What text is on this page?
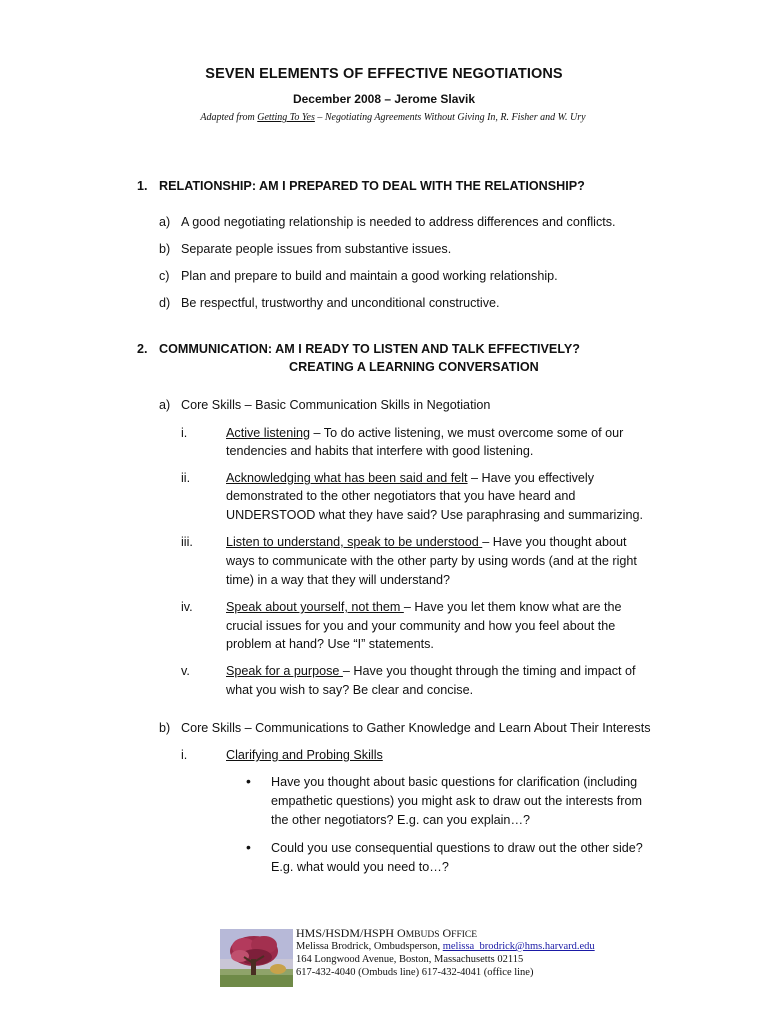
SEVEN ELEMENTS OF EFFECTIVE NEGOTIATIONS
December 2008 – Jerome Slavik
Adapted from Getting To Yes – Negotiating Agreements Without Giving In, R. Fisher and W. Ury
1. RELATIONSHIP: AM I PREPARED TO DEAL WITH THE RELATIONSHIP?
a) A good negotiating relationship is needed to address differences and conflicts.
b) Separate people issues from substantive issues.
c) Plan and prepare to build and maintain a good working relationship.
d) Be respectful, trustworthy and unconditional constructive.
2. COMMUNICATION: AM I READY TO LISTEN AND TALK EFFECTIVELY?
CREATING A LEARNING CONVERSATION
a) Core Skills – Basic Communication Skills in Negotiation
i.	Active listening – To do active listening, we must overcome some of our
tendencies and habits that interfere with good listening.
ii.	Acknowledging what has been said and felt – Have you effectively
demonstrated to the other negotiators that you have heard and
UNDERSTOOD what they have said? Use paraphrasing and summarizing.
iii.	Listen to understand, speak to be understood – Have you thought about
ways to communicate with the other party by using words (and at the right
time) in a way that they will understand?
iv.	Speak about yourself, not them – Have you let them know what are the
crucial issues for you and your community and how you feel about the
problem at hand? Use “I” statements.
v.	Speak for a purpose – Have you thought through the timing and impact of
what you wish to say? Be clear and concise.
b) Core Skills – Communications to Gather Knowledge and Learn About Their Interests
i.	Clarifying and Probing Skills
• Have you thought about basic questions for clarification (including
empathetic questions) you might ask to draw out the interests from
the other negotiators? E.g. can you explain…?
• Could you use consequential questions to draw out the other side?
E.g. what would you need to…?
HMS/HSDM/HSPH OMBUDS OFFICE
Melissa Brodrick, Ombudsperson, melissa_brodrick@hms.harvard.edu
164 Longwood Avenue, Boston, Massachusetts 02115
617-432-4040 (Ombuds line) 617-432-4041 (office line)
